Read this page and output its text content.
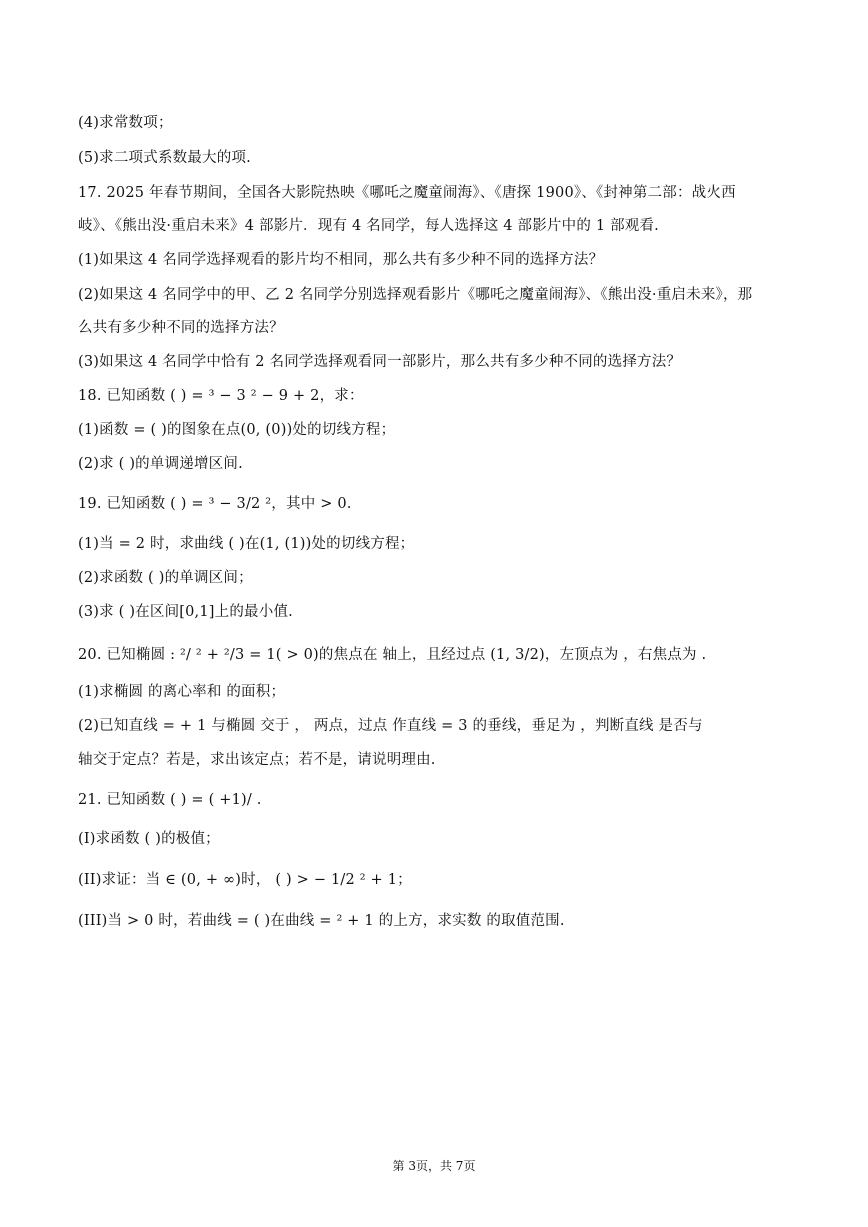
(4)求常数项；
(5)求二项式系数最大的项.
17. 2025 年春节期间，全国各大影院热映《哪吒之魔童闹海》、《唐探 1900》、《封神第二部：战火西
岐》、《熊出没·重启未来》4 部影片．现有 4 名同学，每人选择这 4 部影片中的 1 部观看.
(1)如果这 4 名同学选择观看的影片均不相同，那么共有多少种不同的选择方法？
(2)如果这 4 名同学中的甲、乙 2 名同学分别选择观看影片《哪吒之魔童闹海》、《熊出没·重启未来》，那
么共有多少种不同的选择方法？
(3)如果这 4 名同学中恰有 2 名同学选择观看同一部影片，那么共有多少种不同的选择方法？
18. 已知函数 ( ) = ³ − 3 ² − 9 + 2，求：
(1)函数 = ( )的图象在点(0, (0))处的切线方程；
(2)求 ( )的单调递增区间.
19. 已知函数 ( ) = ³ − 3/2 ²，其中 > 0.
(1)当 = 2 时，求曲线 ( )在(1, (1))处的切线方程；
(2)求函数 ( )的单调区间；
(3)求 ( )在区间[0,1]上的最小值.
20. 已知椭圆 : ²/ ² + ²/3 = 1( > 0)的焦点在 轴上，且经过点 (1, 3/2)，左顶点为 ，右焦点为 .
(1)求椭圆 的离心率和 的面积；
(2)已知直线 = + 1 与椭圆 交于 ， 两点，过点 作直线 = 3 的垂线，垂足为 ，判断直线 是否与
轴交于定点？若是，求出该定点；若不是，请说明理由.
21. 已知函数 ( ) = ( +1)/ .
(I)求函数 ( )的极值；
(II)求证：当 ∈ (0, + ∞)时， ( ) > − 1/2 ² + 1；
(III)当 > 0 时，若曲线 = ( )在曲线 = ² + 1 的上方，求实数 的取值范围.
第 3页，共 7页
